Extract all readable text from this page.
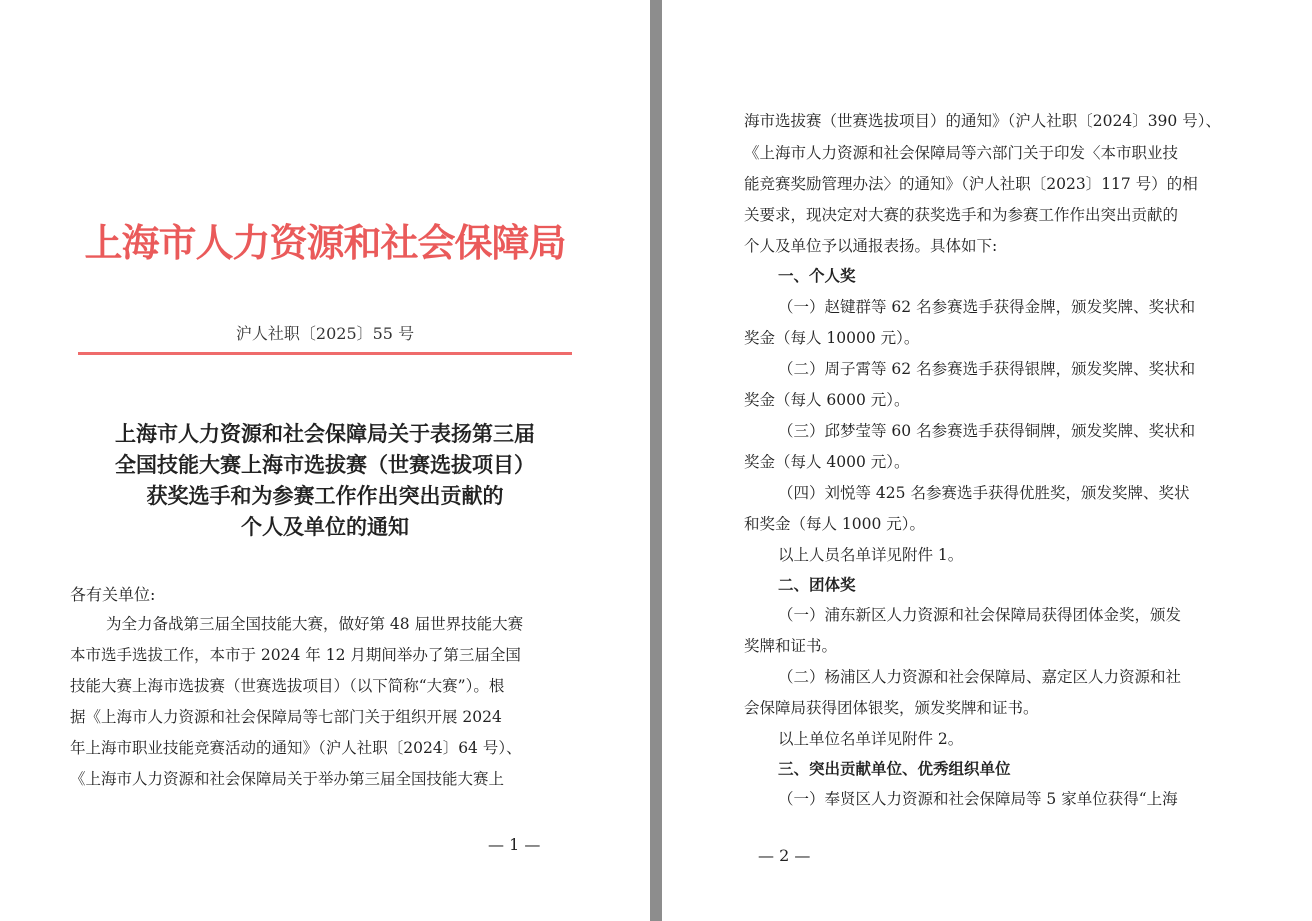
上海市人力资源和社会保障局
沪人社职〔2025〕55 号
上海市人力资源和社会保障局关于表扬第三届
全国技能大赛上海市选拔赛（世赛选拔项目）
获奖选手和为参赛工作作出突出贡献的
个人及单位的通知
各有关单位:
为全力备战第三届全国技能大赛，做好第 48 届世界技能大赛
本市选手选拔工作，本市于 2024 年 12 月期间举办了第三届全国
技能大赛上海市选拔赛（世赛选拔项目）（以下简称“大赛”）。根
据《上海市人力资源和社会保障局等七部门关于组织开展 2024
年上海市职业技能竞赛活动的通知》（沪人社职〔2024〕64 号）、
《上海市人力资源和社会保障局关于举办第三届全国技能大赛上
— 1 —
海市选拔赛（世赛选拔项目）的通知》（沪人社职〔2024〕390 号）、
《上海市人力资源和社会保障局等六部门关于印发〈本市职业技
能竞赛奖励管理办法〉的通知》（沪人社职〔2023〕117 号）的相
关要求，现决定对大赛的获奖选手和为参赛工作作出突出贡献的
个人及单位予以通报表扬。具体如下:
一、个人奖
（一）赵键群等 62 名参赛选手获得金牌，颁发奖牌、奖状和
奖金（每人 10000 元）。
（二）周子霄等 62 名参赛选手获得银牌，颁发奖牌、奖状和
奖金（每人 6000 元）。
（三）邱梦莹等 60 名参赛选手获得铜牌，颁发奖牌、奖状和
奖金（每人 4000 元）。
（四）刘悦等 425 名参赛选手获得优胜奖，颁发奖牌、奖状
和奖金（每人 1000 元）。
以上人员名单详见附件 1。
二、团体奖
（一）浦东新区人力资源和社会保障局获得团体金奖，颁发
奖牌和证书。
（二）杨浦区人力资源和社会保障局、嘉定区人力资源和社
会保障局获得团体银奖，颁发奖牌和证书。
以上单位名单详见附件 2。
三、突出贡献单位、优秀组织单位
（一）奉贤区人力资源和社会保障局等 5 家单位获得“上海
— 2 —
